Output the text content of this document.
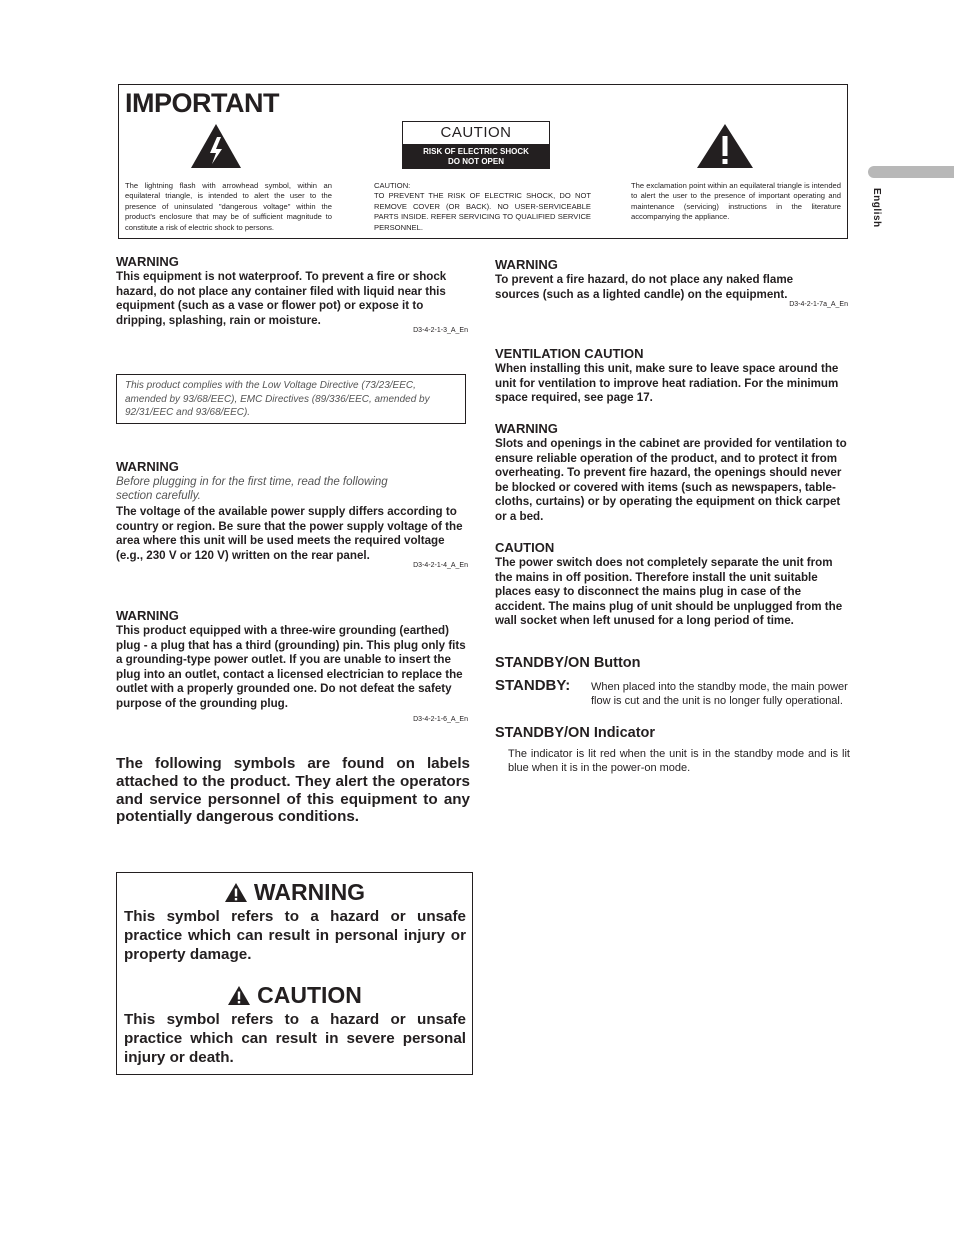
IMPORTANT
The lightning flash with arrowhead symbol, within an equilateral triangle, is intended to alert the user to the presence of uninsulated "dangerous voltage" within the product's enclosure that may be of sufficient magnitude to constitute a risk of electric shock to persons.
CAUTION
RISK OF ELECTRIC SHOCK
DO NOT OPEN
CAUTION:
TO PREVENT THE RISK OF ELECTRIC SHOCK, DO NOT REMOVE COVER (OR BACK). NO USER-SERVICEABLE PARTS INSIDE. REFER SERVICING TO QUALIFIED SERVICE PERSONNEL.
The exclamation point within an equilateral triangle is intended to alert the user to the presence of important operating and maintenance (servicing) instructions in the literature accompanying the appliance.	English
WARNING
This equipment is not waterproof. To prevent a fire or shock hazard, do not place any container filed with liquid near this equipment (such as a vase or flower pot) or expose it to dripping, splashing, rain or moisture.
D3-4-2-1-3_A_En
This product complies with the Low Voltage Directive (73/23/EEC, amended by 93/68/EEC), EMC Directives (89/336/EEC, amended by 92/31/EEC and 93/68/EEC).
WARNING
Before plugging in for the first time, read the following section carefully.
The voltage of the available power supply differs according to country or region. Be sure that the power supply voltage of the area where this unit will be used meets the required voltage (e.g., 230 V or 120 V) written on the rear panel.
D3-4-2-1-4_A_En
WARNING
This product equipped with a three-wire grounding (earthed) plug - a plug that has a third (grounding) pin. This plug only fits a grounding-type power outlet. If you are unable to insert the plug into an outlet, contact a licensed electrician to replace the outlet with a properly grounded one. Do not defeat the safety purpose of the grounding plug.
D3-4-2-1-6_A_En
The following symbols are found on labels attached to the product. They alert the operators and service personnel of this equipment to any potentially dangerous conditions.
WARNING
This symbol refers to a hazard or unsafe practice which can result in personal injury or property damage.
CAUTION
This symbol refers to a hazard or unsafe practice which can result in severe personal injury or death.
WARNING
To prevent a fire hazard, do not place any naked flame sources (such as a lighted candle) on the equipment.
D3-4-2-1-7a_A_En
VENTILATION CAUTION
When installing this unit, make sure to leave space around the unit for ventilation to improve heat radiation. For the minimum space required, see page 17.
WARNING
Slots and openings in the cabinet are provided for ventilation to ensure reliable operation of the product, and to protect it from overheating. To prevent fire hazard, the openings should never be blocked or covered with items (such as newspapers, table-cloths, curtains) or by operating the equipment on thick carpet or a bed.
CAUTION
The power switch does not completely separate the unit from the mains in off position. Therefore install the unit suitable places easy to disconnect the mains plug in case of the accident. The mains plug of unit should be unplugged from the wall socket when left unused for a long period of time.
STANDBY/ON Button
STANDBY: When placed into the standby mode, the main power flow is cut and the unit is no longer fully operational.
STANDBY/ON Indicator
The indicator is lit red when the unit is in the standby mode and is lit blue when it is in the power-on mode.
